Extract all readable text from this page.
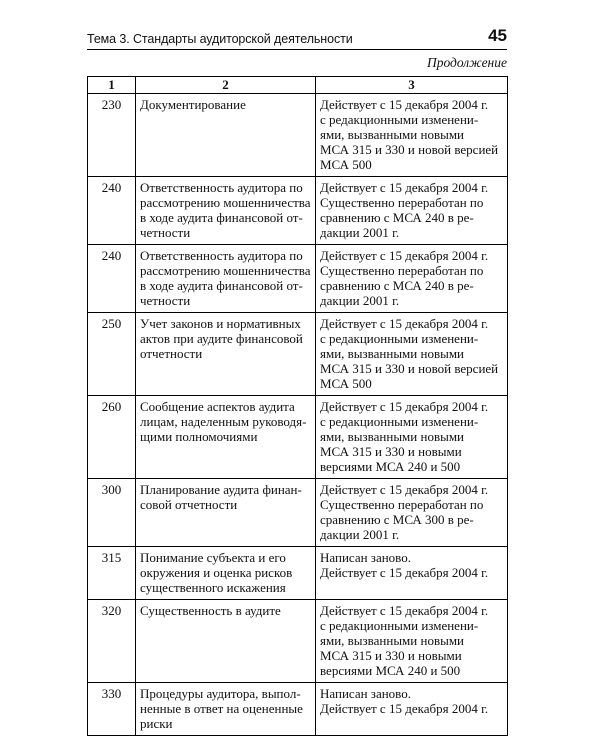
Тема 3. Стандарты аудиторской деятельности	45
Продолжение
1	2	3
230	Документирование	Действует с 15 декабря 2004 г.
с редакционными изменени-
ями, вызванными новыми
МСА 315 и 330 и новой версией
МСА 500

240	Ответственность аудитора по
рассмотрению мошенничества
в ходе аудита финансовой от-
четности	Действует с 15 декабря 2004 г.
Существенно переработан по
сравнению с МСА 240 в ре-
дакции 2001 г.

240	Ответственность аудитора по
рассмотрению мошенничества
в ходе аудита финансовой от-
четности	Действует с 15 декабря 2004 г.
Существенно переработан по
сравнению с МСА 240 в ре-
дакции 2001 г.

250	Учет законов и нормативных
актов при аудите финансовой
отчетности	Действует с 15 декабря 2004 г.
с редакционными изменени-
ями, вызванными новыми
МСА 315 и 330 и новой версией
МСА 500

260	Сообщение аспектов аудита
лицам, наделенным руководя-
щими полномочиями	Действует с 15 декабря 2004 г.
с редакционными изменени-
ями, вызванными новыми
МСА 315 и 330 и новыми
версиями МСА 240 и 500

300	Планирование аудита финан-
совой отчетности	Действует с 15 декабря 2004 г.
Существенно переработан по
сравнению с МСА 300 в ре-
дакции 2001 г.

315	Понимание субъекта и его
окружения и оценка рисков
существенного искажения	Написан заново.
Действует с 15 декабря 2004 г.

320	Существенность в аудите	Действует с 15 декабря 2004 г.
с редакционными изменени-
ями, вызванными новыми
МСА 315 и 330 и новыми
версиями МСА 240 и 500

330	Процедуры аудитора, выпол-
ненные в ответ на оцененные
риски	Написан заново.
Действует с 15 декабря 2004 г.
